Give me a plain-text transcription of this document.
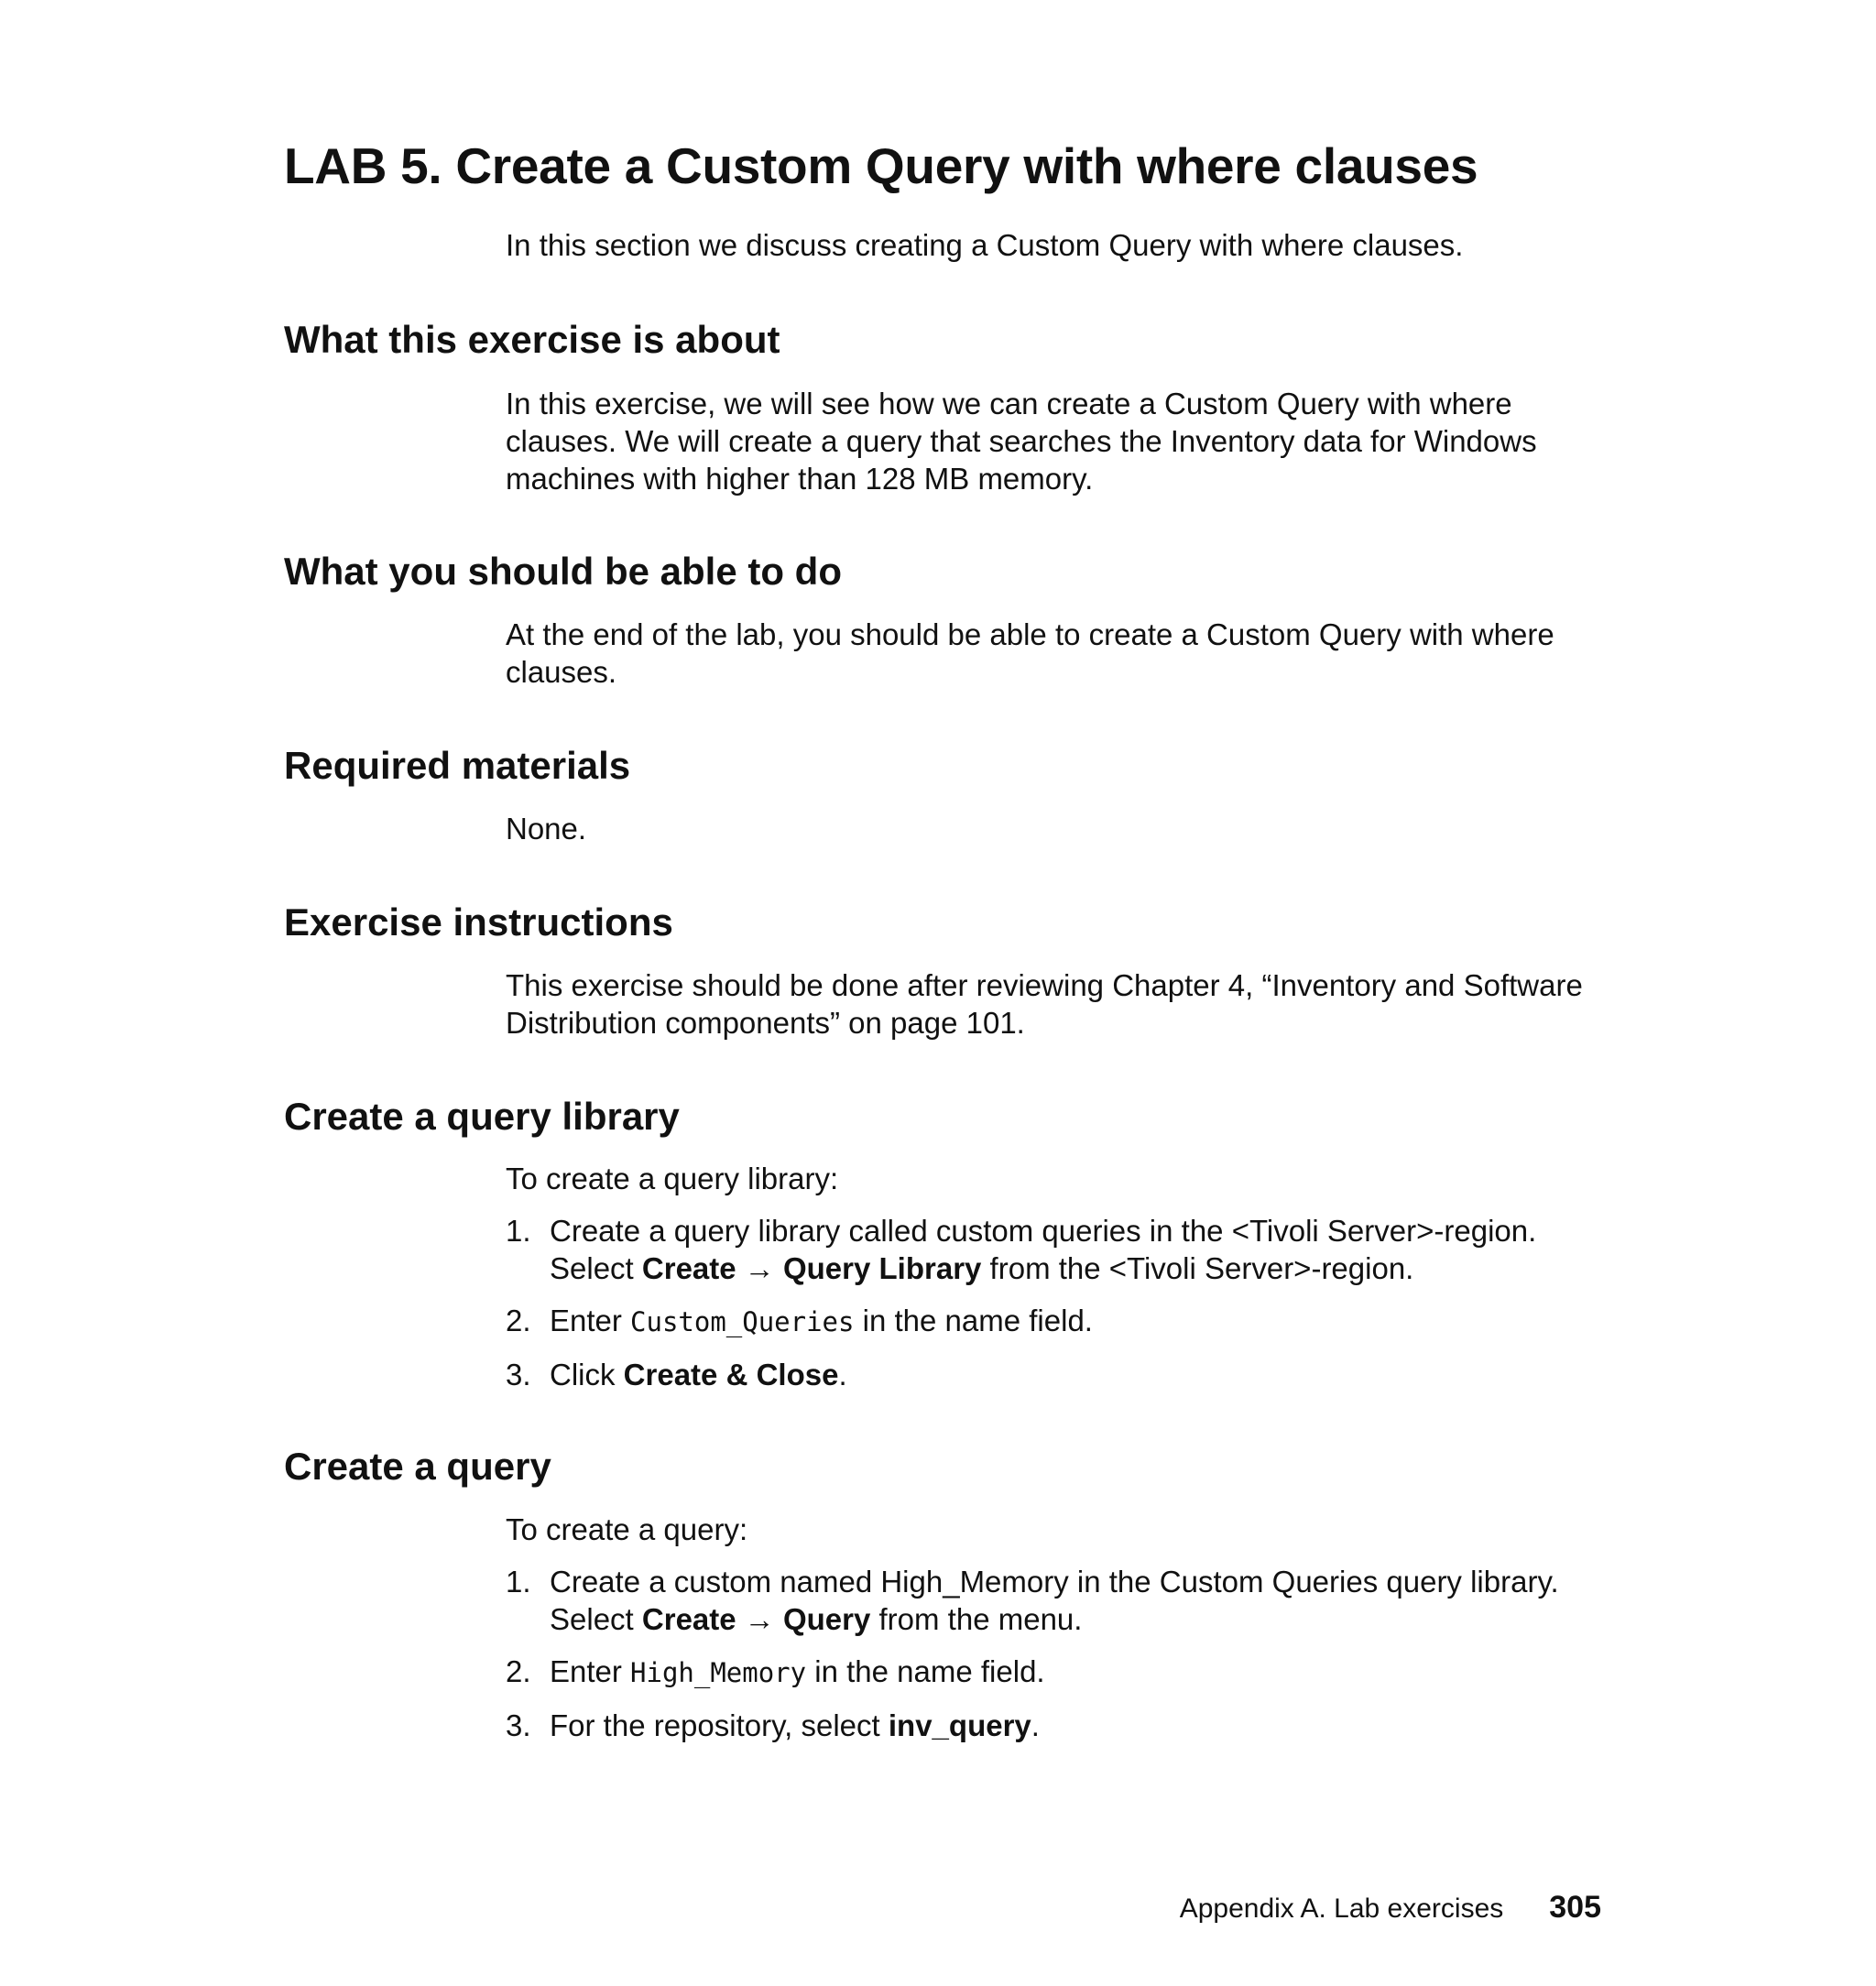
LAB 5. Create a Custom Query with where clauses

In this section we discuss creating a Custom Query with where clauses.

What this exercise is about

In this exercise, we will see how we can create a Custom Query with where clauses. We will create a query that searches the Inventory data for Windows machines with higher than 128 MB memory.

What you should be able to do

At the end of the lab, you should be able to create a Custom Query with where clauses.

Required materials

None.

Exercise instructions

This exercise should be done after reviewing Chapter 4, “Inventory and Software Distribution components” on page 101.

Create a query library

To create a query library:

1. Create a query library called custom queries in the <Tivoli Server>-region.
Select Create → Query Library from the <Tivoli Server>-region.
2. Enter Custom_Queries in the name field.
3. Click Create & Close.
Create a query

To create a query:

1. Create a custom named High_Memory in the Custom Queries query library.
Select Create → Query from the menu.
2. Enter High_Memory in the name field.
3. For the repository, select inv_query.
Appendix A. Lab exercises 305
